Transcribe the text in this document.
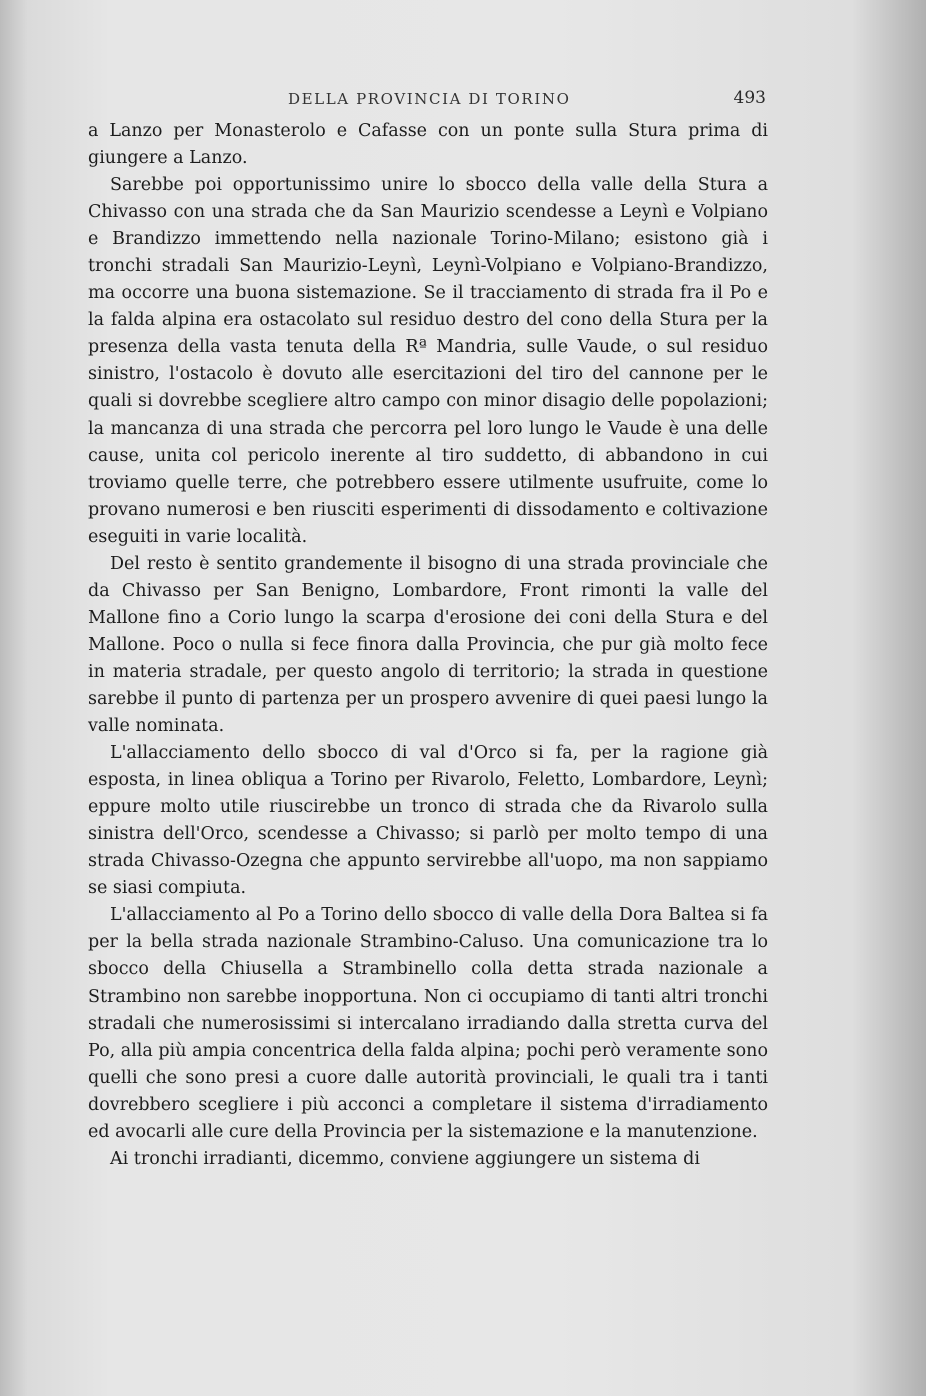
DELLA PROVINCIA DI TORINO	493

a Lanzo per Monasterolo e Cafasse con un ponte sulla Stura prima di giungere a Lanzo.

Sarebbe poi opportunissimo unire lo sbocco della valle della Stura a Chivasso con una strada che da San Maurizio scendesse a Leynì e Volpiano e Brandizzo immettendo nella nazionale Torino-Milano; esistono già i tronchi stradali San Maurizio-Leynì, Leynì-Volpiano e Volpiano-Brandizzo, ma occorre una buona sistemazione. Se il tracciamento di strada fra il Po e la falda alpina era ostacolato sul residuo destro del cono della Stura per la presenza della vasta tenuta della Rª Mandria, sulle Vaude, o sul residuo sinistro, l'ostacolo è dovuto alle esercitazioni del tiro del cannone per le quali si dovrebbe scegliere altro campo con minor disagio delle popolazioni; la mancanza di una strada che percorra pel loro lungo le Vaude è una delle cause, unita col pericolo inerente al tiro suddetto, di abbandono in cui troviamo quelle terre, che potrebbero essere utilmente usufruite, come lo provano numerosi e ben riusciti esperimenti di dissodamento e coltivazione eseguiti in varie località.

Del resto è sentito grandemente il bisogno di una strada provinciale che da Chivasso per San Benigno, Lombardore, Front rimonti la valle del Mallone fino a Corio lungo la scarpa d'erosione dei coni della Stura e del Mallone. Poco o nulla si fece finora dalla Provincia, che pur già molto fece in materia stradale, per questo angolo di territorio; la strada in questione sarebbe il punto di partenza per un prospero avvenire di quei paesi lungo la valle nominata.

L'allacciamento dello sbocco di val d'Orco si fa, per la ragione già esposta, in linea obliqua a Torino per Rivarolo, Feletto, Lombardore, Leynì; eppure molto utile riuscirebbe un tronco di strada che da Rivarolo sulla sinistra dell'Orco, scendesse a Chivasso; si parlò per molto tempo di una strada Chivasso-Ozegna che appunto servirebbe all'uopo, ma non sappiamo se siasi compiuta.

L'allacciamento al Po a Torino dello sbocco di valle della Dora Baltea si fa per la bella strada nazionale Strambino-Caluso. Una comunicazione tra lo sbocco della Chiusella a Strambinello colla detta strada nazionale a Strambino non sarebbe inopportuna. Non ci occupiamo di tanti altri tronchi stradali che numerosissimi si intercalano irradiando dalla stretta curva del Po, alla più ampia concentrica della falda alpina; pochi però veramente sono quelli che sono presi a cuore dalle autorità provinciali, le quali tra i tanti dovrebbero scegliere i più acconci a completare il sistema d'irradiamento ed avocarli alle cure della Provincia per la sistemazione e la manutenzione.

Ai tronchi irradianti, dicemmo, conviene aggiungere un sistema di
